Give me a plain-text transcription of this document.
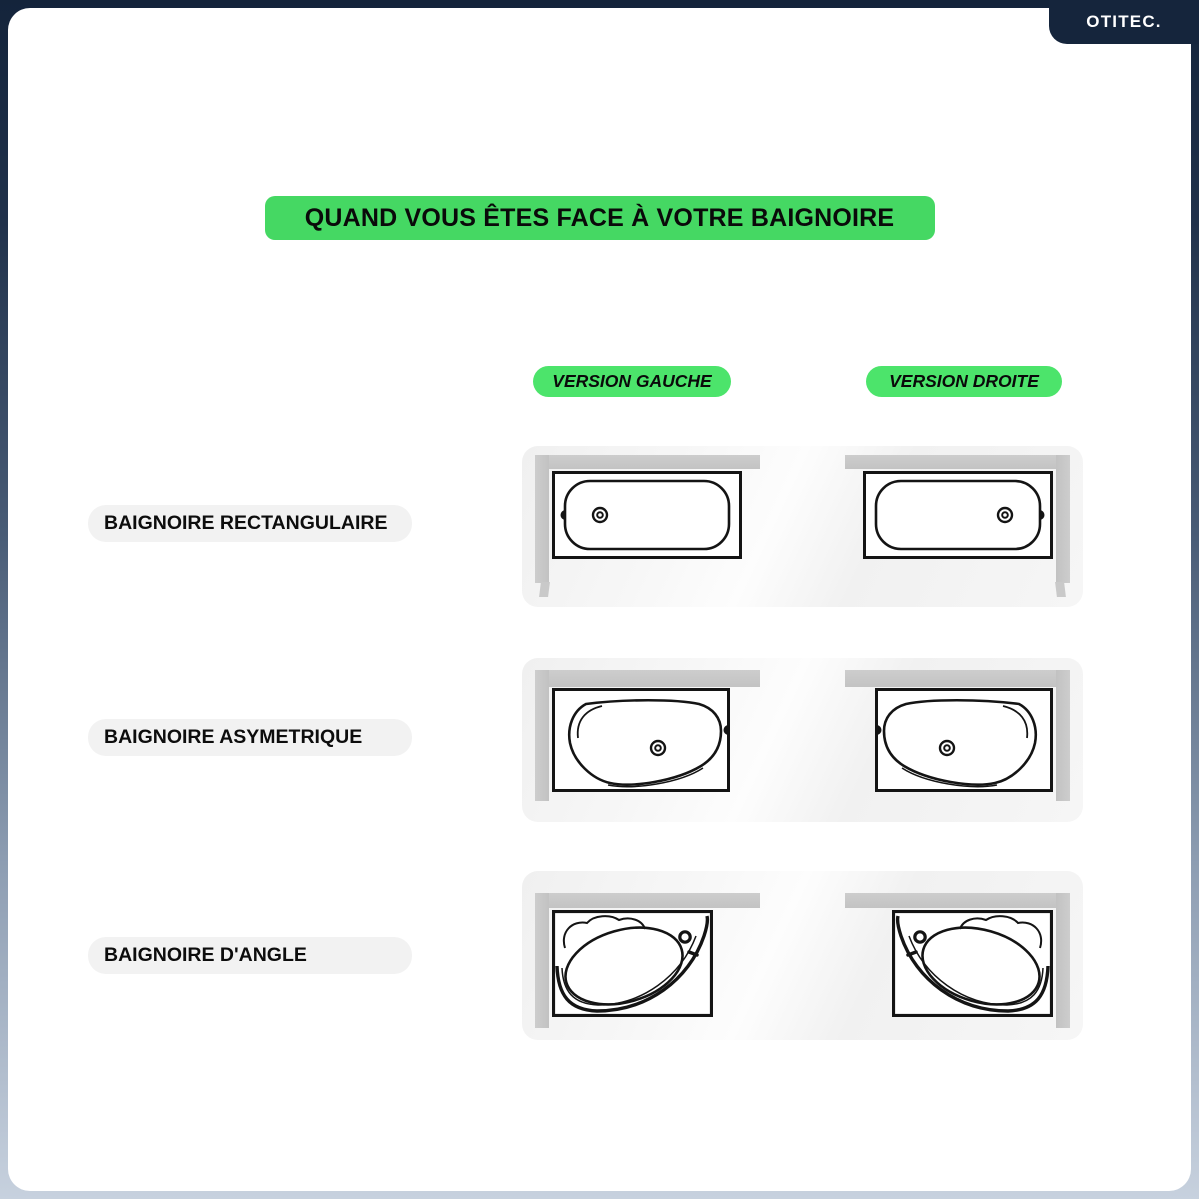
QUAND VOUS ÊTES FACE À VOTRE BAIGNOIRE
VERSION GAUCHE	VERSION DROITE
BAIGNOIRE RECTANGULAIRE
BAIGNOIRE ASYMETRIQUE
BAIGNOIRE D'ANGLE
OTITEC.
